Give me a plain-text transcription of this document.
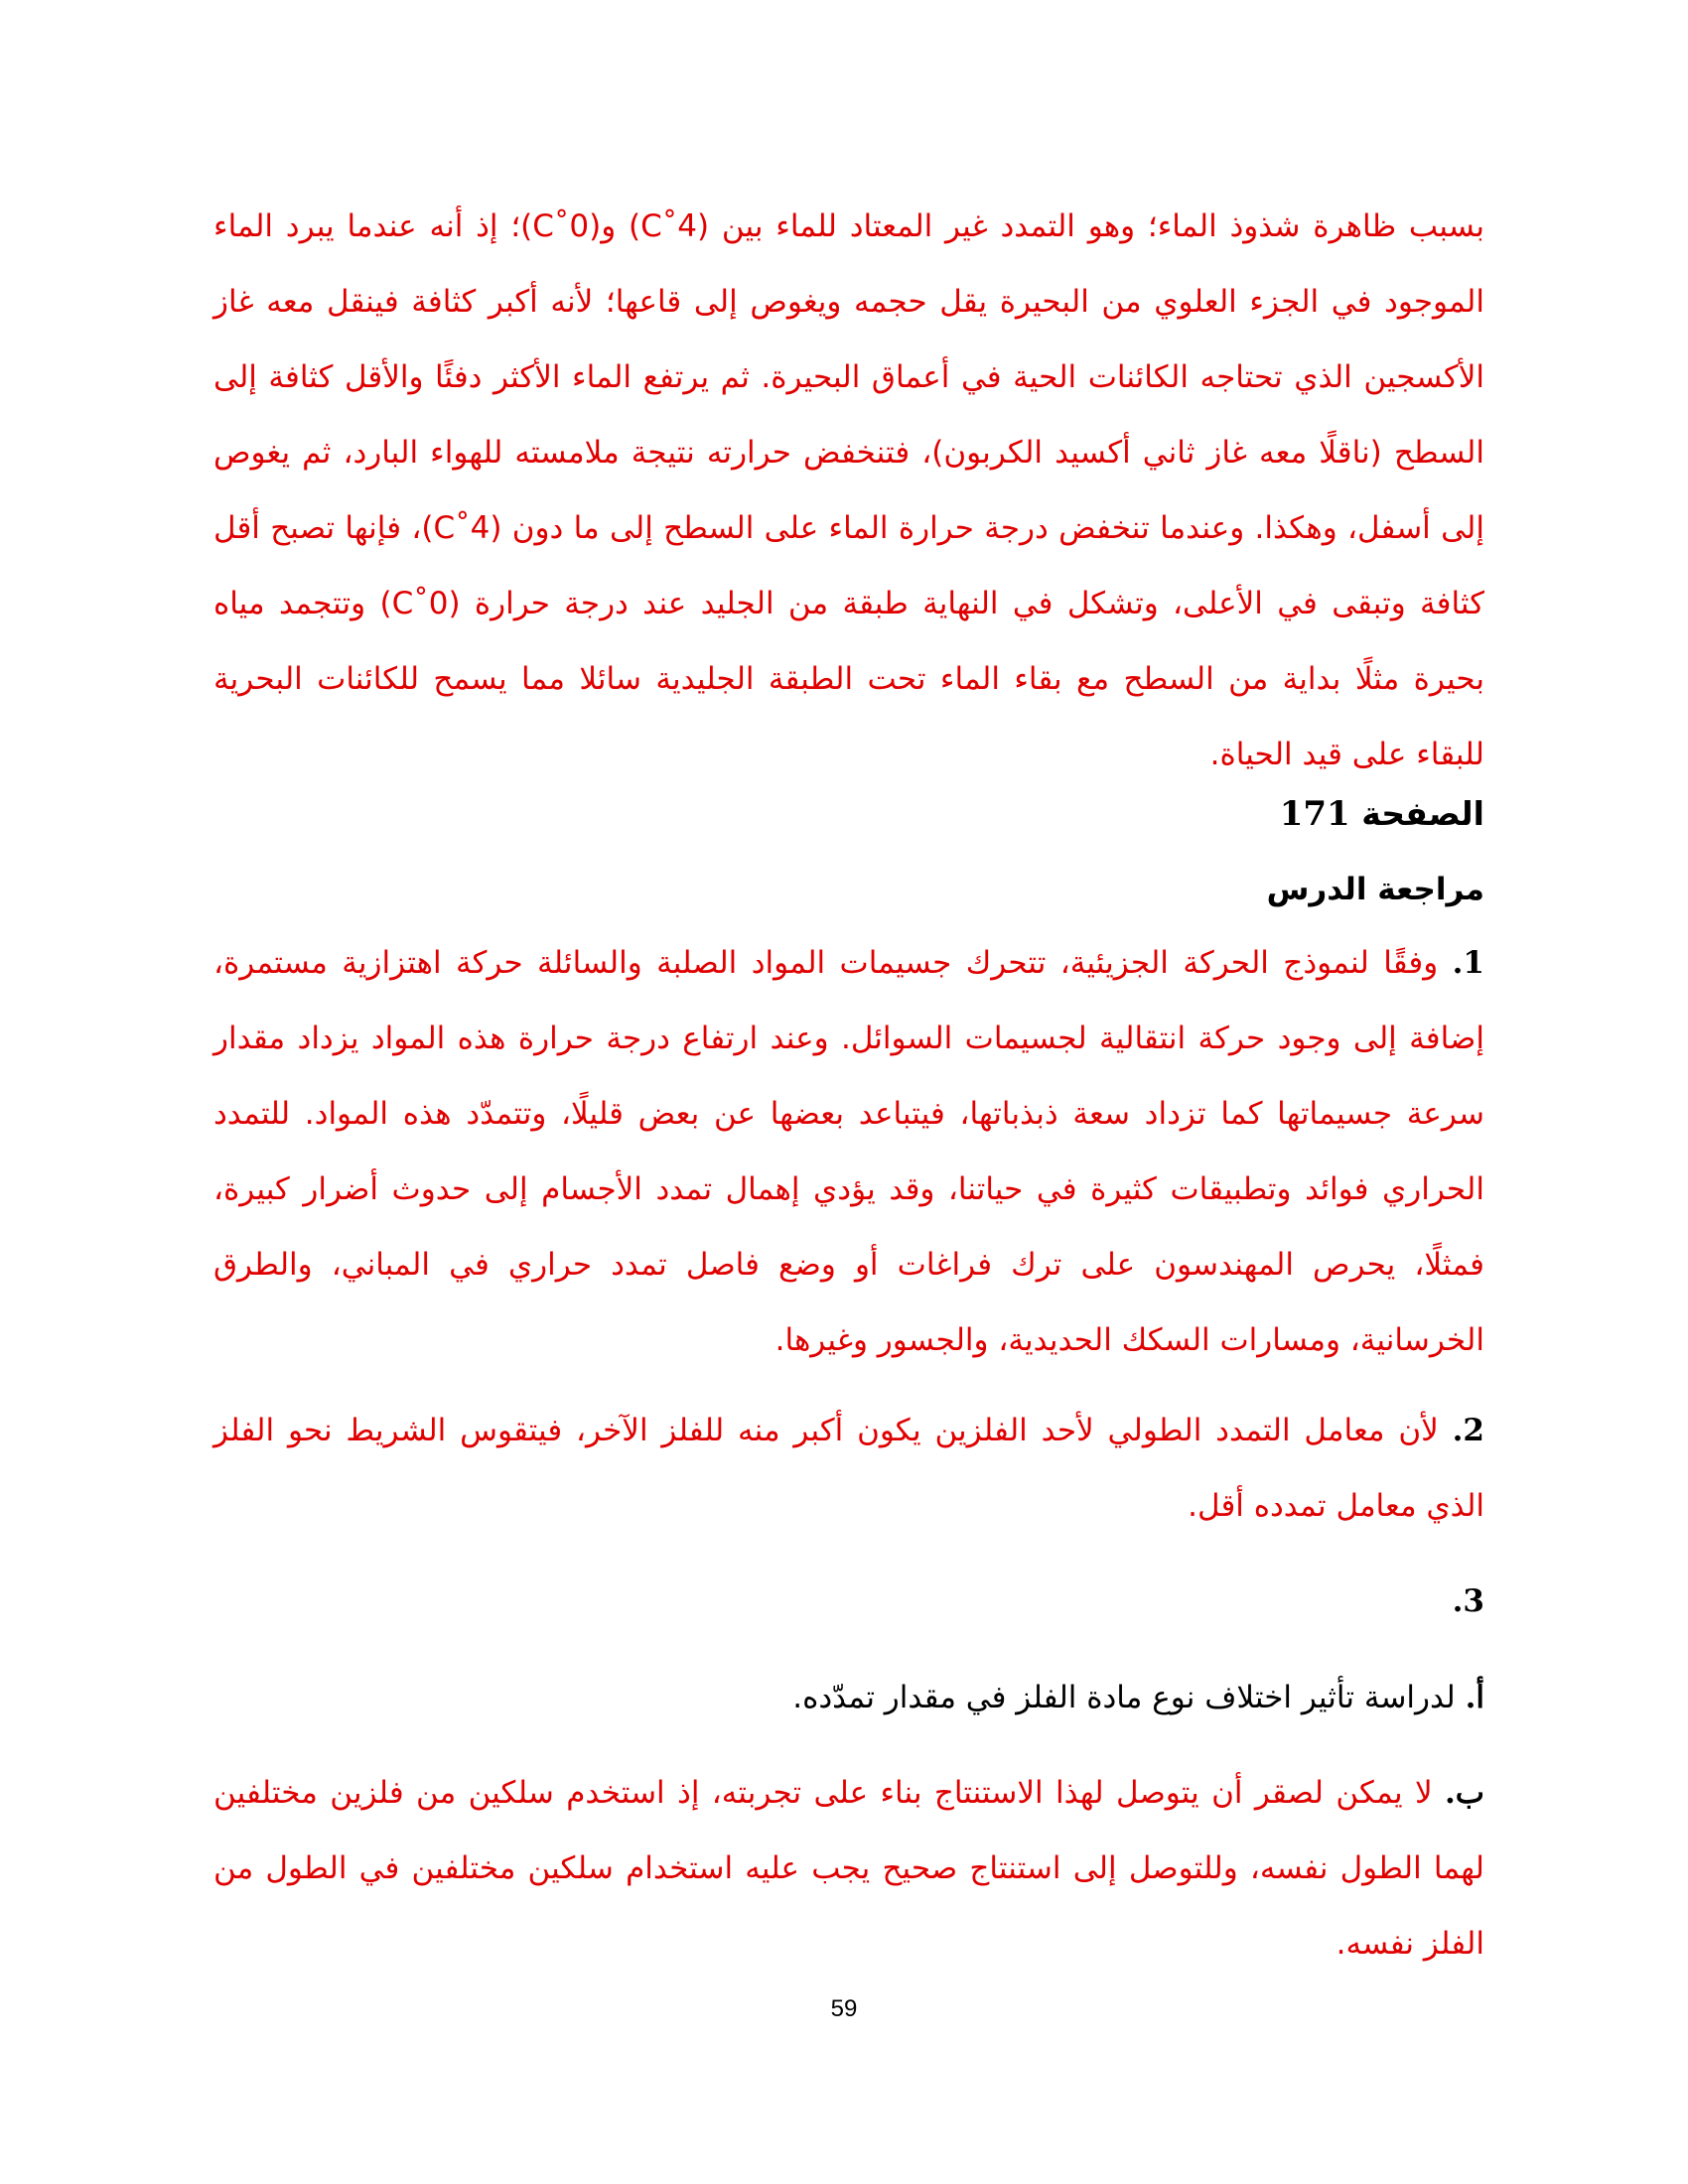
بسبب ظاهرة شذوذ الماء؛ وهو التمدد غير المعتاد للماء بين (4˚C) و(0˚C)؛ إذ أنه عندما يبرد الماء الموجود في الجزء العلوي من البحيرة يقل حجمه ويغوص إلى قاعها؛ لأنه أكبر كثافة فينقل معه غاز الأكسجين الذي تحتاجه الكائنات الحية في أعماق البحيرة. ثم يرتفع الماء الأكثر دفئًا والأقل كثافة إلى السطح (ناقلًا معه غاز ثاني أكسيد الكربون)، فتنخفض حرارته نتيجة ملامسته للهواء البارد، ثم يغوص إلى أسفل، وهكذا. وعندما تنخفض درجة حرارة الماء على السطح إلى ما دون (4˚C)، فإنها تصبح أقل كثافة وتبقى في الأعلى، وتشكل في النهاية طبقة من الجليد عند درجة حرارة (0˚C) وتتجمد مياه بحيرة مثلًا بداية من السطح مع بقاء الماء تحت الطبقة الجليدية سائلا مما يسمح للكائنات البحرية للبقاء على قيد الحياة.
الصفحة 171
مراجعة الدرس
1. وفقًا لنموذج الحركة الجزيئية، تتحرك جسيمات المواد الصلبة والسائلة حركة اهتزازية مستمرة، إضافة إلى وجود حركة انتقالية لجسيمات السوائل. وعند ارتفاع درجة حرارة هذه المواد يزداد مقدار سرعة جسيماتها كما تزداد سعة ذبذباتها، فيتباعد بعضها عن بعض قليلًا، وتتمدّد هذه المواد. للتمدد الحراري فوائد وتطبيقات كثيرة في حياتنا، وقد يؤدي إهمال تمدد الأجسام إلى حدوث أضرار كبيرة، فمثلًا، يحرص المهندسون على ترك فراغات أو وضع فاصل تمدد حراري في المباني، والطرق الخرسانية، ومسارات السكك الحديدية، والجسور وغيرها.
2. لأن معامل التمدد الطولي لأحد الفلزين يكون أكبر منه للفلز الآخر، فيتقوس الشريط نحو الفلز الذي معامل تمدده أقل.
3.
أ. لدراسة تأثير اختلاف نوع مادة الفلز في مقدار تمدّده.
ب. لا يمكن لصقر أن يتوصل لهذا الاستنتاج بناء على تجربته، إذ استخدم سلكين من فلزين مختلفين لهما الطول نفسه، وللتوصل إلى استنتاج صحيح يجب عليه استخدام سلكين مختلفين في الطول من الفلز نفسه.
59
